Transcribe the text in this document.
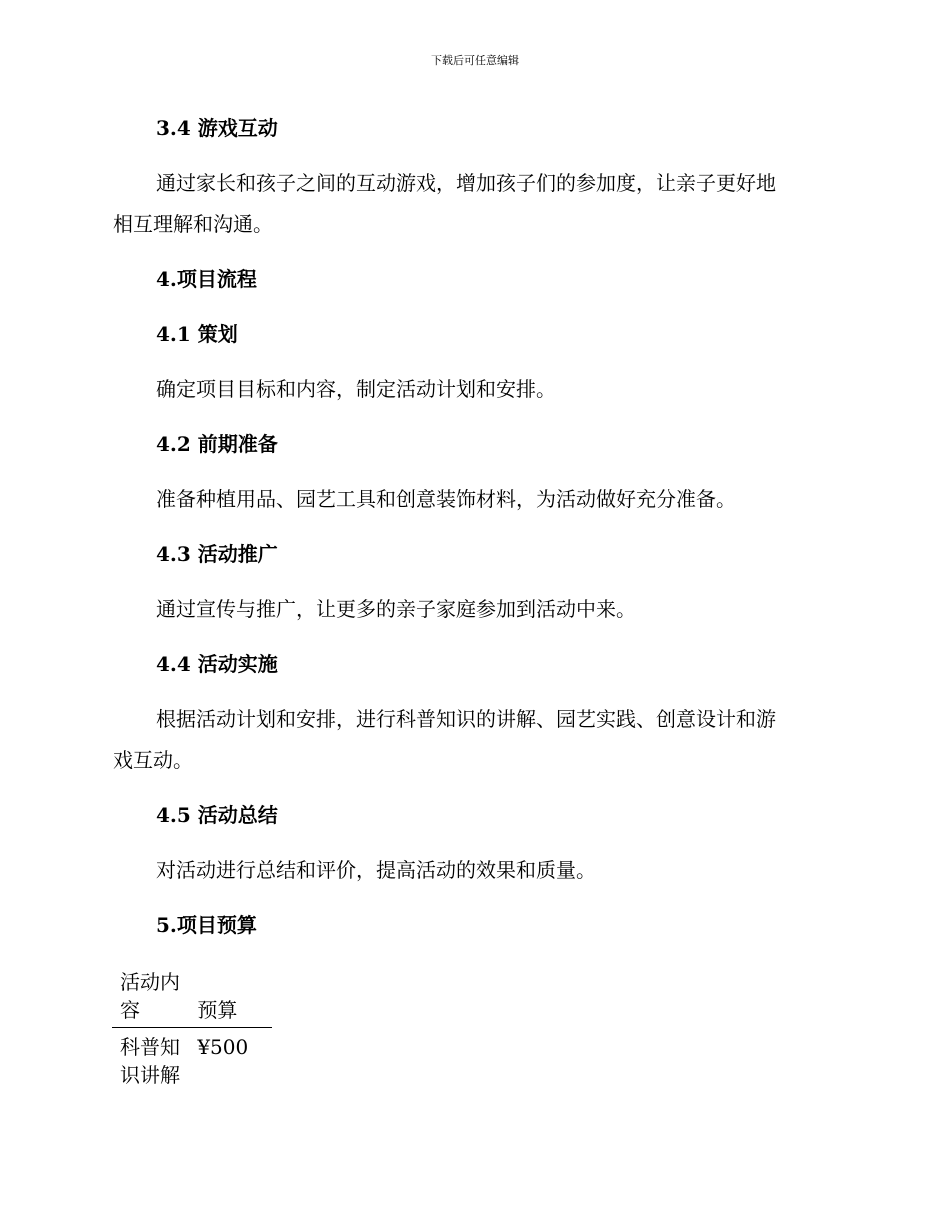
下载后可任意编辑
3.4 游戏互动
通过家长和孩子之间的互动游戏，增加孩子们的参加度，让亲子更好地
相互理解和沟通。
4.项目流程
4.1 策划
确定项目目标和内容，制定活动计划和安排。
4.2 前期准备
准备种植用品、园艺工具和创意装饰材料，为活动做好充分准备。
4.3 活动推广
通过宣传与推广，让更多的亲子家庭参加到活动中来。
4.4 活动实施
根据活动计划和安排，进行科普知识的讲解、园艺实践、创意设计和游
戏互动。
4.5 活动总结
对活动进行总结和评价，提高活动的效果和质量。
5.项目预算
活动内容	预算
科普知识讲解
¥500
